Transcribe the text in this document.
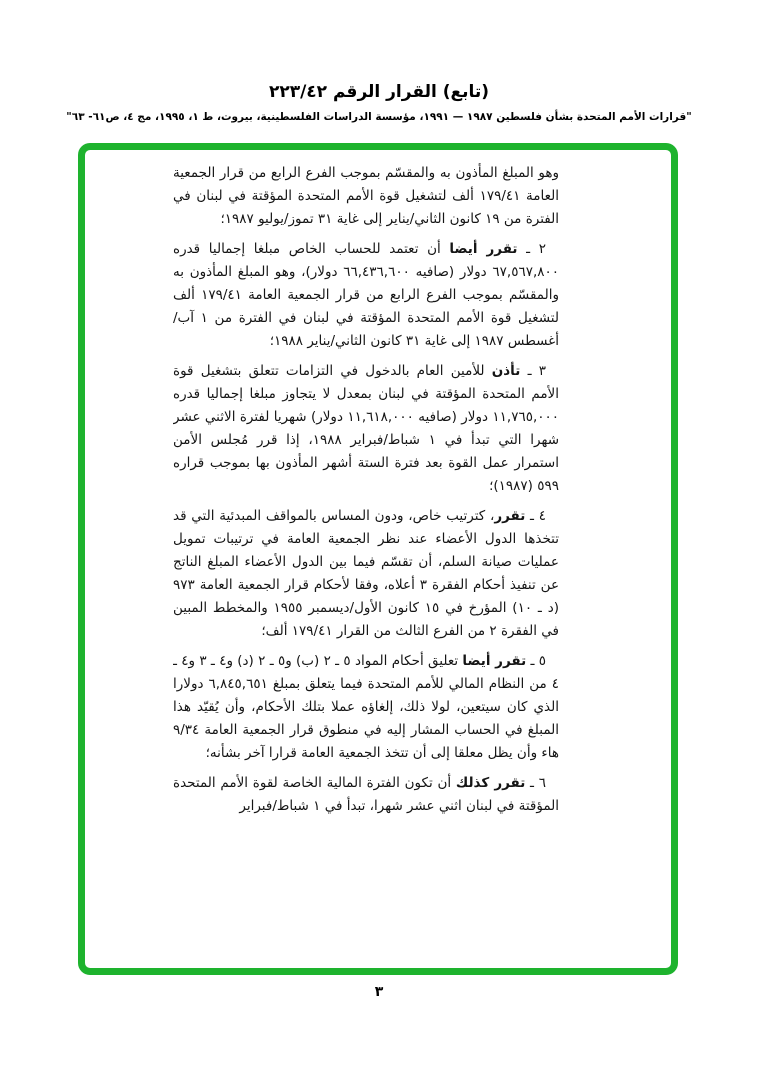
(تابع) القرار الرقم ٢٢٣/٤٢
"قرارات الأمم المتحدة بشأن فلسطين ١٩٨٧ — ١٩٩١، مؤسسة الدراسات الفلسطينية، بيروت، ط ١، ١٩٩٥، مج ٤، ص٦١- ٦٣"

وهو المبلغ المأذون به والمقسّم بموجب الفرع الرابع من قرار الجمعية العامة ١٧٩/٤١ ألف لتشغيل قوة الأمم المتحدة المؤقتة في لبنان في الفترة من ١٩ كانون الثاني/يناير إلى غاية ٣١ تموز/يوليو ١٩٨٧؛

٢ ـ تقرر أيضا أن تعتمد للحساب الخاص مبلغا إجماليا قدره ٦٧,٥٦٧,٨٠٠ دولار (صافيه ٦٦,٤٣٦,٦٠٠ دولار)، وهو المبلغ المأذون به والمقسّم بموجب الفرع الرابع من قرار الجمعية العامة ١٧٩/٤١ ألف لتشغيل قوة الأمم المتحدة المؤقتة في لبنان في الفترة من ١ آب/أغسطس ١٩٨٧ إلى غاية ٣١ كانون الثاني/يناير ١٩٨٨؛

٣ ـ تأذن للأمين العام بالدخول في التزامات تتعلق بتشغيل قوة الأمم المتحدة المؤقتة في لبنان بمعدل لا يتجاوز مبلغا إجماليا قدره ١١,٧٦٥,٠٠٠ دولار (صافيه ١١,٦١٨,٠٠٠ دولار) شهريا لفترة الاثني عشر شهرا التي تبدأ في ١ شباط/فبراير ١٩٨٨، إذا قرر مُجلس الأمن استمرار عمل القوة بعد فترة الستة أشهر المأذون بها بموجب قراره ٥٩٩ (١٩٨٧)؛

٤ ـ تقرر، كترتيب خاص، ودون المساس بالمواقف المبدئية التي قد تتخذها الدول الأعضاء عند نظر الجمعية العامة في ترتيبات تمويل عمليات صيانة السلم، أن تقسّم فيما بين الدول الأعضاء المبلغ الناتج عن تنفيذ أحكام الفقرة ٣ أعلاه، وفقا لأحكام قرار الجمعية العامة ٩٧٣ (د ـ ١٠) المؤرخ في ١٥ كانون الأول/ديسمبر ١٩٥٥ والمخطط المبين في الفقرة ٢ من الفرع الثالث من القرار ١٧٩/٤١ ألف؛

٥ ـ تقرر أيضا تعليق أحكام المواد ٥ ـ ٢ (ب) و٥ ـ ٢ (د) و٤ ـ ٣ و٤ ـ ٤ من النظام المالي للأمم المتحدة فيما يتعلق بمبلغ ٦,٨٤٥,٦٥١ دولارا الذي كان سيتعين، لولا ذلك، إلغاؤه عملا بتلك الأحكام، وأن يُقيّد هذا المبلغ في الحساب المشار إليه في منطوق قرار الجمعية العامة ٩/٣٤ هاء وأن يظل معلقا إلى أن تتخذ الجمعية العامة قرارا آخر بشأنه؛

٦ ـ تقرر كذلك أن تكون الفترة المالية الخاصة لقوة الأمم المتحدة المؤقتة في لبنان اثني عشر شهرا، تبدأ في ١ شباط/فبراير

٣
